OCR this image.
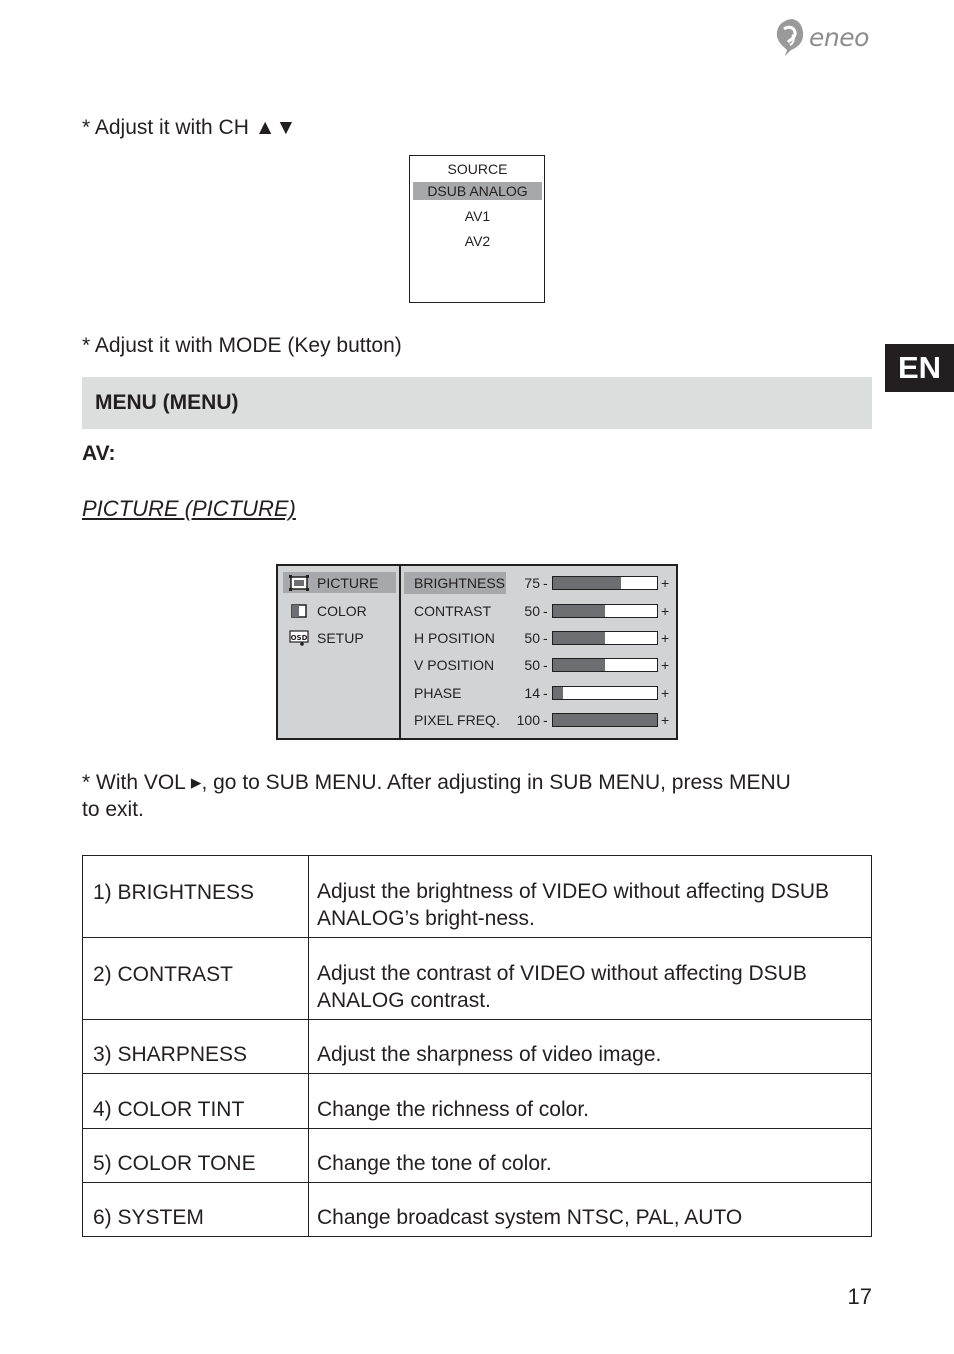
eneo
EN
* Adjust it with CH ▲▼
SOURCE
DSUB ANALOG
AV1
AV2
* Adjust it with MODE (Key button)
MENU (MENU)
AV:
PICTURE (PICTURE)
PICTURE
COLOR
OSD SETUP
BRIGHTNESS 75 -	+
CONTRAST	50 -	+
H POSITION	50 -	+
V POSITION	50 -	+
PHASE	14 -	+
PIXEL FREQ.	100 -	+
* With VOL ▸, go to SUB MENU. After adjusting in SUB MENU, press MENU
to exit.
1) BRIGHTNESS	Adjust the brightness of VIDEO without affecting DSUB
ANALOG’s bright-ness.

2) CONTRAST	Adjust the contrast of VIDEO without affecting DSUB
ANALOG contrast.

3) SHARPNESS	Adjust the sharpness of video image.

4) COLOR TINT	Change the richness of color.

5) COLOR TONE	Change the tone of color.

6) SYSTEM	Change broadcast system NTSC, PAL, AUTO
17
